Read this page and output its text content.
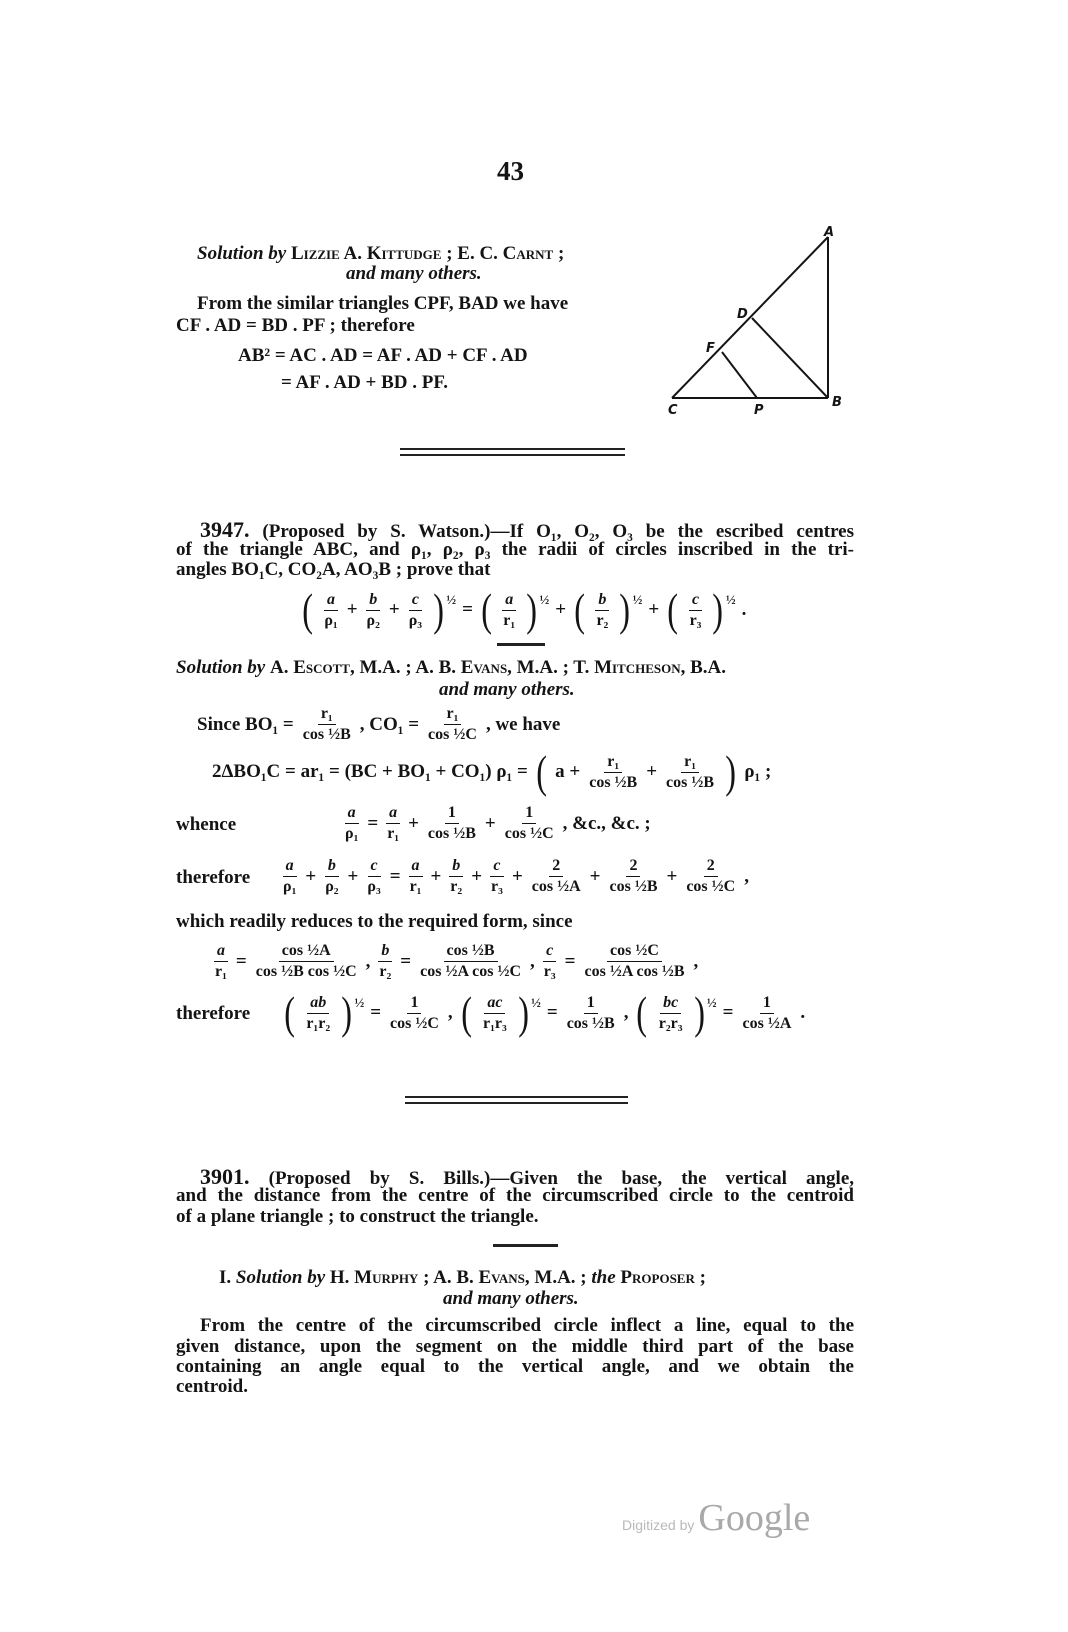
43
Solution by Lizzie A. Kittudge ; E. C. Carnt ;
and many others.
From the similar triangles CPF, BAD we have
CF . AD = BD . PF ; therefore
AB² = AC . AD = AF . AD + CF . AD
= AF . AD + BD . PF.
A
D
F
C	P
B
3947. (Proposed by S. Watson.)—If O₁, O₂, O₃ be the escribed centres
of the triangle ABC, and ρ₁, ρ₂, ρ₃ the radii of circles inscribed in the tri-
angles BO₁C, CO₂A, AO₃B ; prove that
( $\frac{a}{\text{ρ₁}} + \frac{b}{\text{ρ₂}} + \frac{c}{\text{ρ₃}}$ ) ½ = ( $\frac{a}{\text{r₁}}$ ) ½ + ( $\frac{b}{\text{r₂}}$ ) ½ + ( $\frac{c}{\text{r₃}}$ ) ½ .
Solution by A. Escott, M.A. ; A. B. Evans, M.A. ; T. Mitcheson, B.A.
and many others.
Since $BO_1 = \frac{\text{r₁}}{\text{cos ½B}}$ , $CO_1 = \frac{\text{r₁}}{\text{cos ½C}}$ , we have
2ΔBO₁C = ar₁ = (BC + BO₁ + CO₁) ρ₁ = ( $a + \frac{\text{r₁}}{\text{cos ½B}} + \frac{\text{r₁}}{\text{cos ½B}}$ ) ρ₁ ;
whence	$\frac{a}{\text{ρ₁}} = \frac{a}{\text{r₁}} + \frac{1}{\text{cos ½B}} + \frac{1}{\text{cos ½C}}$ , &c., &c. ;
therefore $\frac{a}{\text{ρ₁}} + \frac{b}{\text{ρ₂}} + \frac{c}{\text{ρ₃}} = \frac{a}{\text{r₁}} + \frac{b}{\text{r₂}} + \frac{c}{\text{r₃}} + \frac{2}{\text{cos ½A}} + \frac{2}{\text{cos ½B}} + \frac{2}{\text{cos ½C}}$ ,
which readily reduces to the required form, since
$\frac{a}{\text{r₁}} = \frac{\text{cos ½A}}{\text{cos ½B cos ½C}}$ , $\frac{b}{\text{r₂}} = \frac{\text{cos ½B}}{\text{cos ½A cos ½C}}$ , $\frac{c}{\text{r₃}} = \frac{\text{cos ½C}}{\text{cos ½A cos ½B}}$ ,
therefore ( $\frac{ab}{\text{r₁r₂}}$ ) ½ = $\frac{1}{\text{cos ½C}}$ , ( $\frac{ac}{\text{r₁r₃}}$ ) ½ = $\frac{1}{\text{cos ½B}}$ , ( $\frac{bc}{\text{r₂r₃}}$ ) ½ = $\frac{1}{\text{cos ½A}}$ .
3901. (Proposed by S. Bills.)—Given the base, the vertical angle,
and the distance from the centre of the circumscribed circle to the centroid
of a plane triangle ; to construct the triangle.
I. Solution by H. Murphy ; A. B. Evans, M.A. ; the Proposer ;
and many others.
From the centre of the circumscribed circle inflect a line, equal to the
given distance, upon the segment on the middle third part of the base
containing an angle equal to the vertical angle, and we obtain the
centroid.
Digitized by Google
